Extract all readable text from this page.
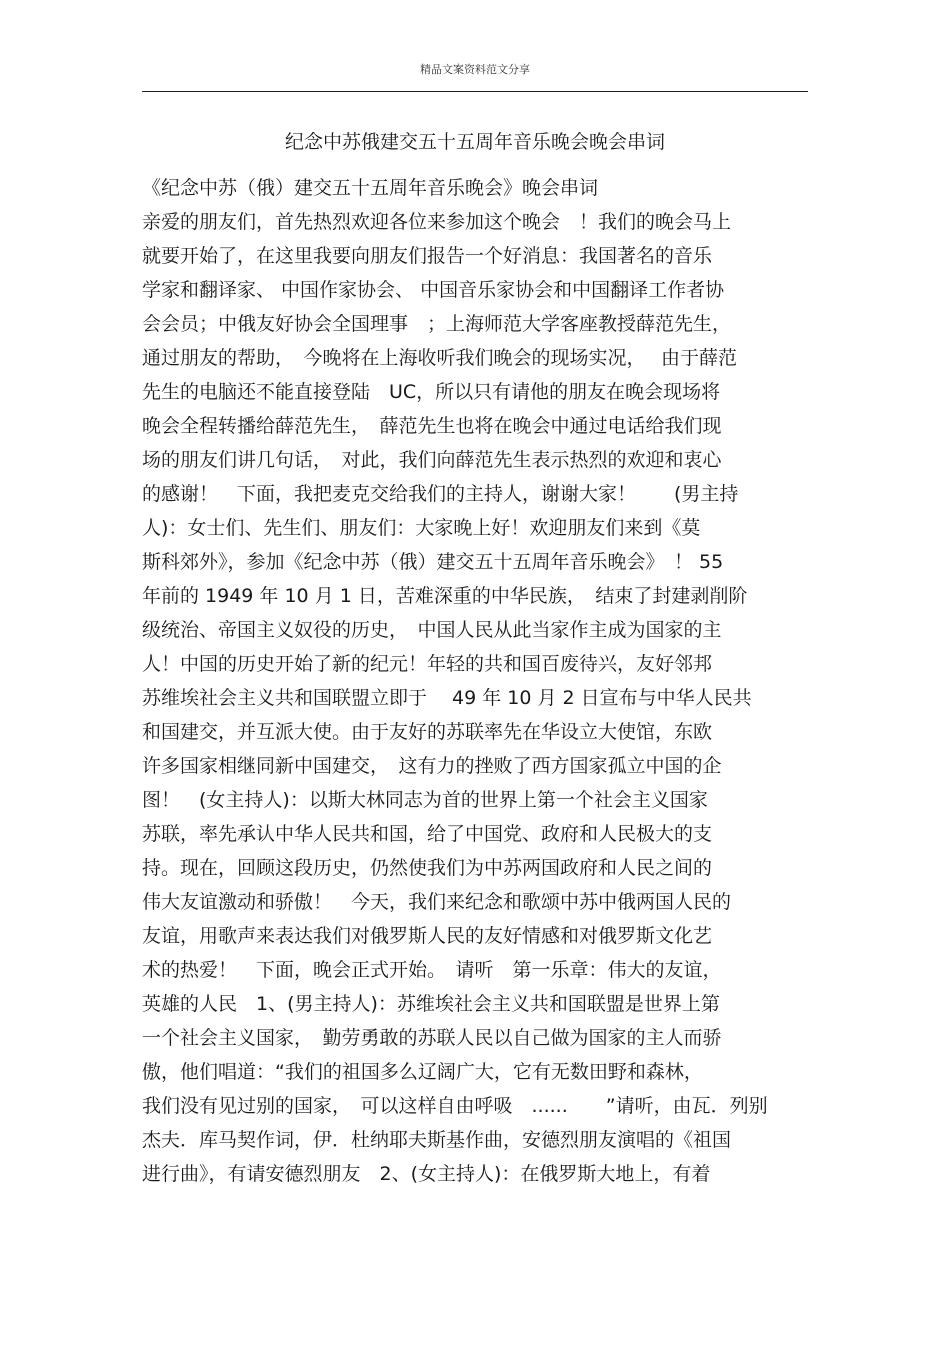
精品文案资料范文分享
纪念中苏俄建交五十五周年音乐晚会晚会串词
《纪念中苏（俄）建交五十五周年音乐晚会》晚会串词
亲爱的朋友们，首先热烈欢迎各位来参加这个晚会　！我们的晚会马上
就要开始了，在这里我要向朋友们报告一个好消息：我国著名的音乐
学家和翻译家、 中国作家协会、 中国音乐家协会和中国翻译工作者协
会会员；中俄友好协会全国理事　；上海师范大学客座教授薛范先生，
通过朋友的帮助，　今晚将在上海收听我们晚会的现场实况，　 由于薛范
先生的电脑还不能直接登陆　UC，所以只有请他的朋友在晚会现场将
晚会全程转播给薛范先生，　薛范先生也将在晚会中通过电话给我们现
场的朋友们讲几句话，　对此，我们向薛范先生表示热烈的欢迎和衷心
的感谢！　下面，我把麦克交给我们的主持人，谢谢大家！　　(男主持
人)：女士们、先生们、朋友们：大家晚上好！欢迎朋友们来到《莫
斯科郊外》，参加《纪念中苏（俄）建交五十五周年音乐晚会》　！ 55
年前的 1949 年 10 月 1 日，苦难深重的中华民族，　结束了封建剥削阶
级统治、帝国主义奴役的历史，　中国人民从此当家作主成为国家的主
人！中国的历史开始了新的纪元！年轻的共和国百废待兴，友好邻邦
苏维埃社会主义共和国联盟立即于　 49 年 10 月 2 日宣布与中华人民共
和国建交，并互派大使。由于友好的苏联率先在华设立大使馆，东欧
许多国家相继同新中国建交，　这有力的挫败了西方国家孤立中国的企
图！　(女主持人)：以斯大林同志为首的世界上第一个社会主义国家
苏联，率先承认中华人民共和国，给了中国党、政府和人民极大的支
持。现在，回顾这段历史，仍然使我们为中苏两国政府和人民之间的
伟大友谊激动和骄傲！　今天，我们来纪念和歌颂中苏中俄两国人民的
友谊，用歌声来表达我们对俄罗斯人民的友好情感和对俄罗斯文化艺
术的热爱！　下面，晚会正式开始。　请听　第一乐章：伟大的友谊，
英雄的人民　1、(男主持人)：苏维埃社会主义共和国联盟是世界上第
一个社会主义国家，　勤劳勇敢的苏联人民以自己做为国家的主人而骄
傲，他们唱道：“我们的祖国多么辽阔广大，它有无数田野和森林，
我们没有见过别的国家，　可以这样自由呼吸　......　　”请听，由瓦．列别
杰夫．库马契作词，伊．杜纳耶夫斯基作曲，安德烈朋友演唱的《祖国
进行曲》，有请安德烈朋友　2、(女主持人)：在俄罗斯大地上，有着
